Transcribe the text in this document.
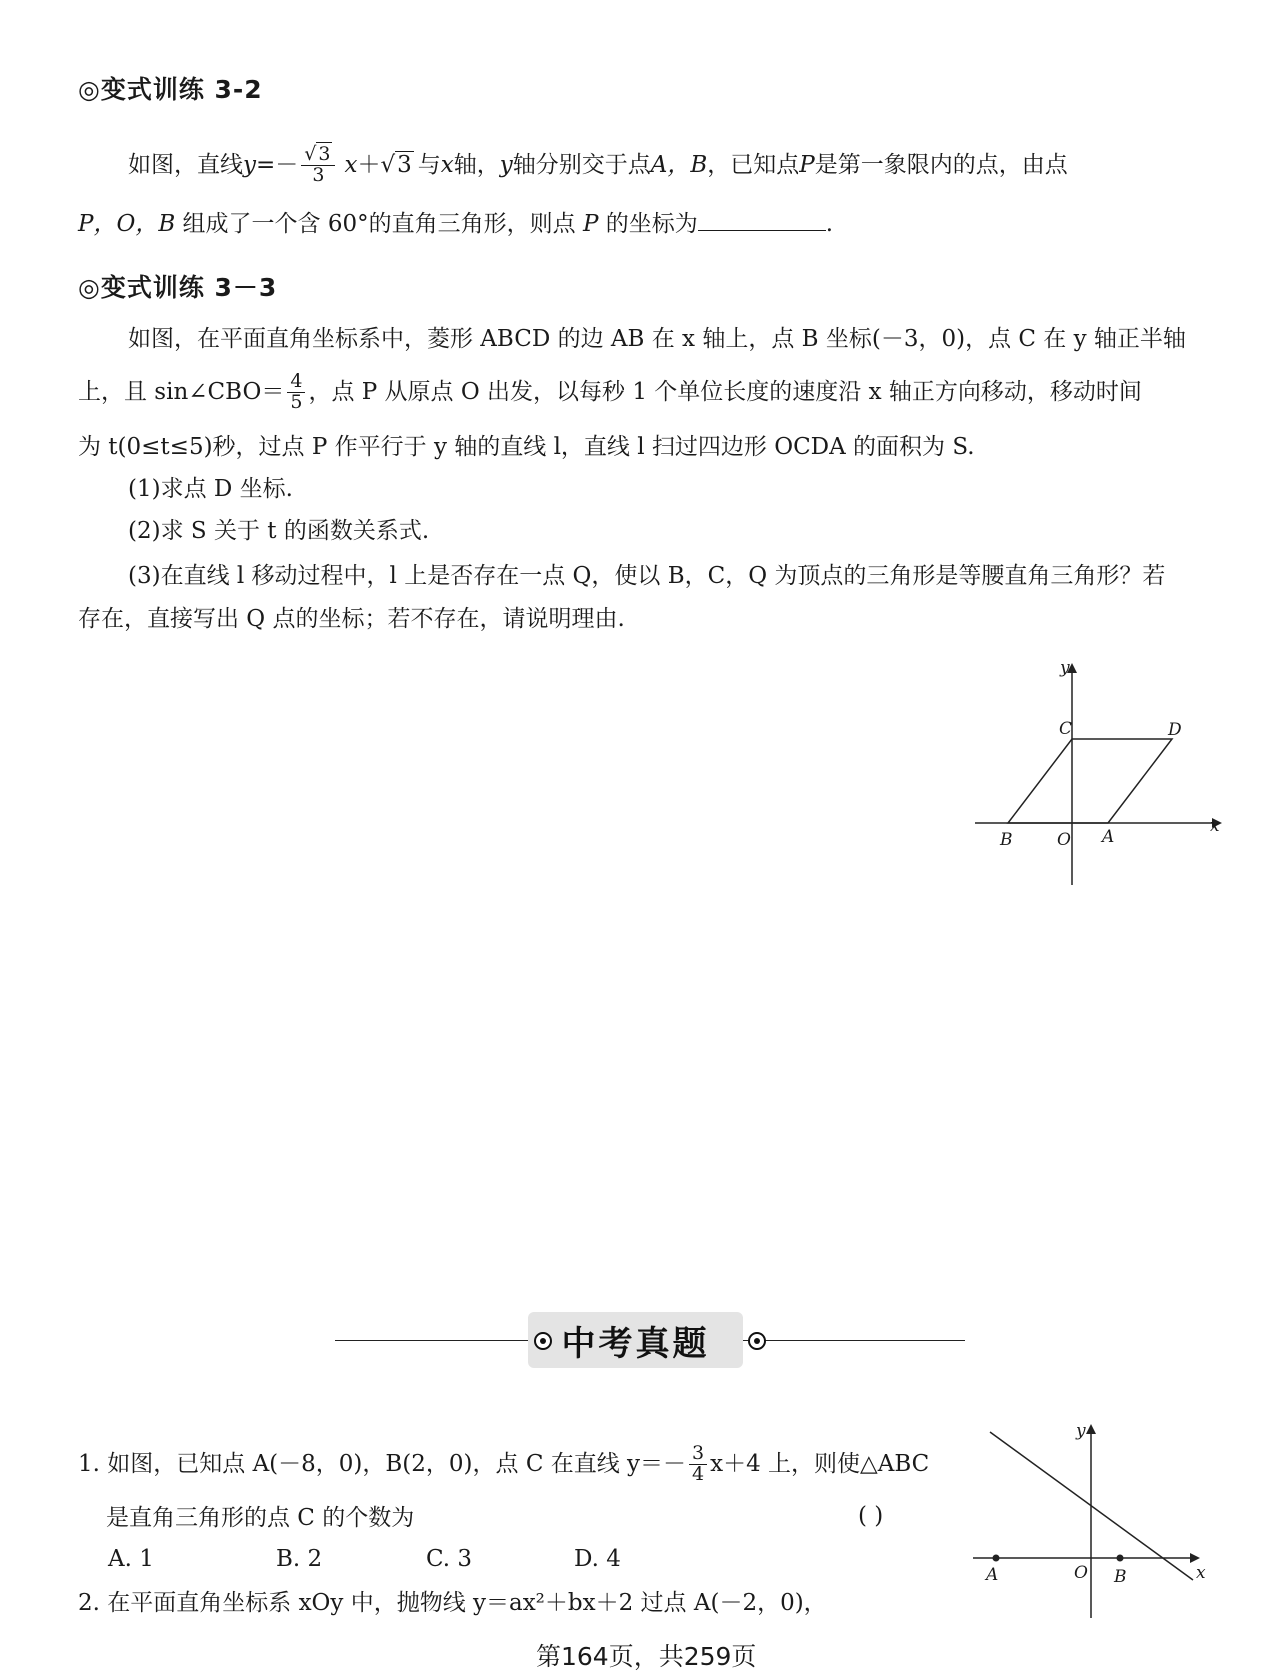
◎变式训练 3-2
如图，直线 $y =- \frac{√ 3}{3}$ x ＋ √3 与 x 轴， y 轴分别交于点 A，B ，已知点 P 是第一象限内的点，由点
P，O，B 组成了一个含 60°的直角三角形，则点 P 的坐标为	.
◎变式训练 3－3
如图，在平面直角坐标系中，菱形 ABCD 的边 AB 在 x 轴上，点 B 坐标(－3，0)，点 C 在 y 轴正半轴
上，且 sin∠CBO＝ $\frac{4}{5}$ ，点 P 从原点 O 出发，以每秒 1 个单位长度的速度沿 x 轴正方向移动，移动时间
为 t(0≤t≤5)秒，过点 P 作平行于 y 轴的直线 l，直线 l 扫过四边形 OCDA 的面积为 S.
(1)求点 D 坐标.
(2)求 S 关于 t 的函数关系式.
(3)在直线 l 移动过程中，l 上是否存在一点 Q，使以 B，C，Q 为顶点的三角形是等腰直角三角形？若
存在，直接写出 Q 点的坐标；若不存在，请说明理由.
y
x
C	D
B	O A
中考真题
1. 如图，已知点 A(－8，0)，B(2，0)，点 C 在直线 $y=- \frac{3}{4} x+4$ 上，则使△ABC
是直角三角形的点 C 的个数为	( )
A. 1	B. 2	C. 3	D. 4
2. 在平面直角坐标系 xOy 中，抛物线 y＝ax²＋bx＋2 过点 A(－2，0)，
y
x
A	O B
第164页，共259页
